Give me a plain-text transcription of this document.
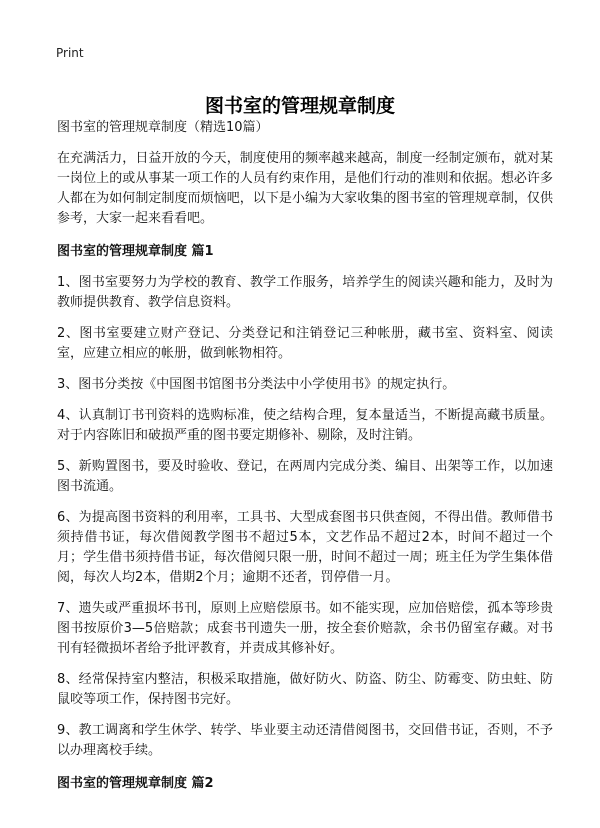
Print
图书室的管理规章制度
图书室的管理规章制度（精选10篇）

在充满活力，日益开放的今天，制度使用的频率越来越高，制度一经制定颁布，就对某一岗位上的或从事某一项工作的人员有约束作用，是他们行动的准则和依据。想必许多人都在为如何制定制度而烦恼吧，以下是小编为大家收集的图书室的管理规章制，仅供参考，大家一起来看看吧。

图书室的管理规章制度 篇1

1、图书室要努力为学校的教育、教学工作服务，培养学生的阅读兴趣和能力，及时为教师提供教育、教学信息资料。

2、图书室要建立财产登记、分类登记和注销登记三种帐册，藏书室、资料室、阅读室，应建立相应的帐册，做到帐物相符。

3、图书分类按《中国图书馆图书分类法中小学使用书》的规定执行。

4、认真制订书刊资料的选购标准，使之结构合理，复本量适当，不断提高藏书质量。对于内容陈旧和破损严重的图书要定期修补、剔除，及时注销。

5、新购置图书，要及时验收、登记，在两周内完成分类、编目、出架等工作，以加速图书流通。

6、为提高图书资料的利用率，工具书、大型成套图书只供查阅，不得出借。教师借书须持借书证，每次借阅教学图书不超过5本，文艺作品不超过2本，时间不超过一个月；学生借书须持借书证，每次借阅只限一册，时间不超过一周；班主任为学生集体借阅，每次人均2本，借期2个月；逾期不还者，罚停借一月。

7、遗失或严重损坏书刊，原则上应赔偿原书。如不能实现，应加倍赔偿，孤本等珍贵图书按原价3—5倍赔款；成套书刊遗失一册，按全套价赔款，余书仍留室存藏。对书刊有轻微损坏者给予批评教育，并责成其修补好。

8、经常保持室内整洁，积极采取措施，做好防火、防盗、防尘、防霉变、防虫蛀、防鼠咬等项工作，保持图书完好。

9、教工调离和学生休学、转学、毕业要主动还清借阅图书，交回借书证，否则，不予以办理离校手续。

图书室的管理规章制度 篇2
